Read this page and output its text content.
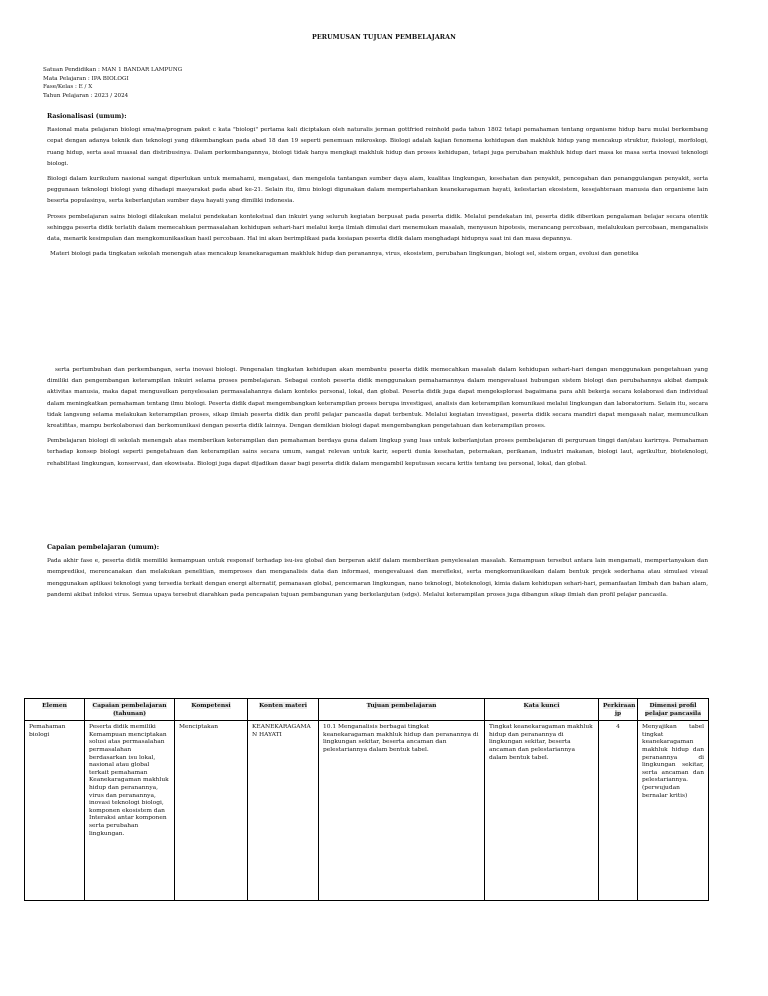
PERUMUSAN TUJUAN PEMBELAJARAN
Satuan Pendidikan : MAN 1 BANDAR LAMPUNG
Mata Pelajaran : IPA BIOLOGI
Fase/Kelas : E / X
Tahun Pelajaran : 2023 / 2024
Rasionalisasi (umum):

Rasional mata pelajaran biologi sma/ma/program paket c kata "biologi" pertama kali diciptakan oleh naturalis jerman gottfried reinhold pada tahun 1802 tetapi pemahaman tentang organisme hidup baru mulai berkembang cepat dengan adanya teknik dan teknologi yang dikembangkan pada abad 18 dan 19 seperti penemuan mikroskop. Biologi adalah kajian fenomena kehidupan dan makhluk hidup yang mencakup struktur, fisiologi, morfologi, ruang hidup, serta asal muasal dan distribusinya. Dalam perkembangannya, biologi tidak hanya mengkaji makhluk hidup dan proses kehidupan, tetapi juga perubahan makhluk hidup dari masa ke masa serta inovasi teknologi biologi.

Biologi dalam kurikulum nasional sangat diperlukan untuk memahami, mengatasi, dan mengelola tantangan sumber daya alam, kualitas lingkungan, kesehatan dan penyakit, pencegahan dan penanggulangan penyakit, serta peggunaan teknologi biologi yang dihadapi masyarakat pada abad ke-21. Selain itu, ilmu biologi digunakan dalam mempertahankan keanekaragaman hayati, kelestarian ekosistem, kesejahteraan manusia dan organisme lain beserta populasinya, serta keberlanjutan sumber daya hayati yang dimiliki indonesia.

Proses pembelajaran sains biologi dilakukan melalui pendekatan kontekstual dan inkuiri yang seluruh kegiatan berpusat pada peserta didik. Melalui pendekatan ini, peserta didik diberikan pengalaman belajar secara otentik sehingga peserta didik terlatih dalam memecahkan permasalahan kehidupan sehari-hari melalui kerja ilmiah dimulai dari menemukan masalah, menyusun hipotesis, merancang percobaan, melalukukan percobaan, menganalisis data, menarik kesimpulan dan mengkomunikasikan hasil percobaan. Hal ini akan berimplikasi pada kesiapan peserta didik dalam menghadapi hidupnya saat ini dan masa depannya.

Materi biologi pada tingkatan sekolah menengah atas mencakup keanekaragaman makhluk hidup dan peranannya, virus, ekosistem, perubahan lingkungan, biologi sel, sistem organ, evolusi dan genetika

serta pertumbuhan dan perkembangan, serta inovasi biologi. Pengenalan tingkatan kehidupan akan membantu peserta didik memecahkan masalah dalam kehidupan sehari-hari dengan menggunakan pengetahuan yang dimiliki dan pengembangan keterampilan inkuiri selama proses pembelajaran. Sebagai contoh peserta didik menggunakan pemahamannya dalam mengevaluasi hubungan sistem biologi dan perubahannya akibat dampak aktivitas manusia, maka dapat mengusulkan penyelesaian permasalahannya dalam konteks personal, lokal, dan global. Peserta didik juga dapat mengeksplorasi bagaimana para ahli bekerja secara kolaborasi dan individual dalam meningkatkan pemahaman tentang ilmu biologi. Peserta didik dapat mengembangkan keterampilan proses berupa investigasi, analisis dan keterampilan komunikasi melalui lingkungan dan laboratorium. Selain itu, secara tidak langsung selama melakukan keterampilan proses, sikap ilmiah peserta didik dan profil pelajar pancasila dapat terbentuk. Melalui kegiatan investigasi, peserta didik secara mandiri dapat mengasah nalar, memunculkan kreatifitas, mampu berkolaborasi dan berkomunikasi dengan peserta didik lainnya. Dengan demikian biologi dapat mengembangkan pengetahuan dan keterampilan proses.

Pembelajaran biologi di sekolah menengah atas memberikan keterampilan dan pemahaman berdaya guna dalam lingkup yang luas untuk keberlanjutan proses pembelajaran di perguruan tinggi dan/atau karirnya. Pemahaman terhadap konsep biologi seperti pengetahuan dan keterampilan sains secara umum, sangat relevan untuk karir, seperti dunia kesehatan, peternakan, perikanan, industri makanan, biologi laut, agrikultur, bioteknologi, rehabilitasi lingkungan, konservasi, dan ekowisata. Biologi juga dapat dijadikan dasar bagi peserta didik dalam mengambil keputusan secara kritis tentang isu personal, lokal, dan global.

Capaian pembelajaran (umum):

Pada akhir fase e, peserta didik memiliki kemampuan untuk responsif terhadap isu-isu global dan berperan aktif dalam memberikan penyelesaian masalah. Kemampuan tersebut antara lain mengamati, mempertanyakan dan memprediksi, merencanakan dan melakukan penelitian, memproses dan menganalisis data dan informasi, mengevaluasi dan merefleksi, serta mengkomunikasikan dalam bentuk projek sederhana atau simulasi visual menggunakan aplikasi teknologi yang tersedia terkait dengan energi alternatif, pemanasan global, pencemaran lingkungan, nano teknologi, bioteknologi, kimia dalam kehidupan sehari-hari, pemanfaatan limbah dan bahan alam, pandemi akibat infeksi virus. Semua upaya tersebut diarahkan pada pencapaian tujuan pembangunan yang berkelanjutan (sdgs). Melalui keterampilan proses juga dibangun sikap ilmiah dan profil pelajar pancasila.

Elemen	Capaian pembelajaran (tahunan)	Kompetensi	Konten materi	Tujuan pembelajaran	Kata kunci	Perkiraan jp	Dimensi profil pelajar pancasila
Pemahaman biologi	Peserta didik memiliki Kemampuan menciptakan solusi atas permasalahan permasalahan berdasarkan isu lokal, nasional atau global terkait pemahaman Keanekaragaman makhluk hidup dan peranannya, virus dan peranannya, inovasi teknologi biologi, komponen ekosistem dan Interaksi antar komponen serta perubahan lingkungan.	Menciptakan	KEANEKARAGAMAN HAYATI	10.1 Menganalisis berbagai tingkat keanekaragaman makhluk hidup dan peranannya di lingkungan sekitar, beserta ancaman dan pelestariannya dalam bentuk tabel.	Tingkat keanekaragaman makhluk hidup dan peranannya di lingkungan sekitar, beserta ancaman dan pelestariannya dalam bentuk tabel.	4	Menyajikan tabel tingkat keanekaragaman makhluk hidup dan peranannya di lingkungan sekitar, serta ancaman dan pelestariannya. (perwujudan bernalar kritis)
